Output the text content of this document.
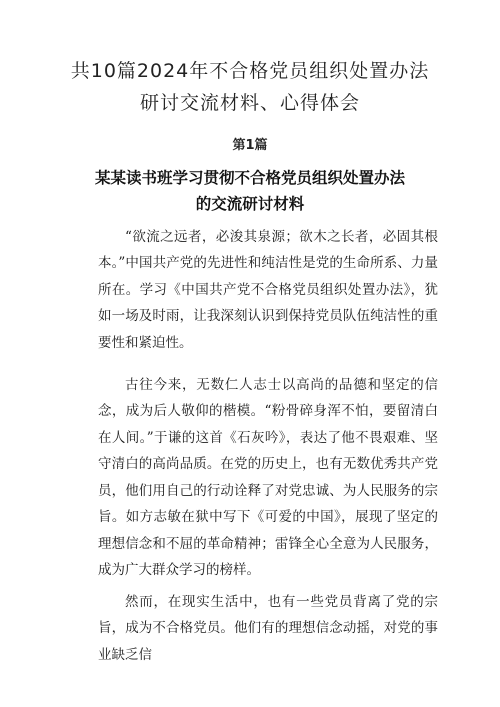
共10篇2024年不合格党员组织处置办法
研讨交流材料、心得体会
第1篇
某某读书班学习贯彻不合格党员组织处置办法
的交流研讨材料

“欲流之远者，必浚其泉源；欲木之长者，必固其根本。”中国共产党的先进性和纯洁性是党的生命所系、力量所在。学习《中国共产党不合格党员组织处置办法》，犹如一场及时雨，让我深刻认识到保持党员队伍纯洁性的重要性和紧迫性。

古往今来，无数仁人志士以高尚的品德和坚定的信念，成为后人敬仰的楷模。“粉骨碎身浑不怕，要留清白在人间。”于谦的这首《石灰吟》，表达了他不畏艰难、坚守清白的高尚品质。在党的历史上，也有无数优秀共产党员，他们用自己的行动诠释了对党忠诚、为人民服务的宗旨。如方志敏在狱中写下《可爱的中国》，展现了坚定的理想信念和不屈的革命精神；雷锋全心全意为人民服务，成为广大群众学习的榜样。

然而，在现实生活中，也有一些党员背离了党的宗旨，成为不合格党员。他们有的理想信念动摇，对党的事业缺乏信
